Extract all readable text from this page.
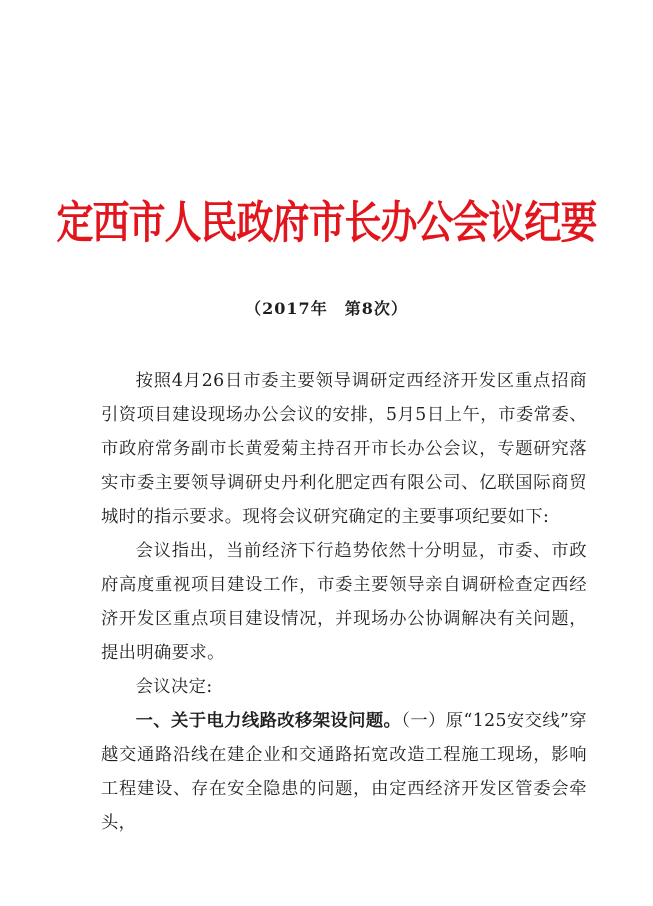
定西市人民政府市长办公会议纪要
（2017年　第8次）

按照4月26日市委主要领导调研定西经济开发区重点招商引资项目建设现场办公会议的安排，5月5日上午，市委常委、市政府常务副市长黄爱菊主持召开市长办公会议，专题研究落实市委主要领导调研史丹利化肥定西有限公司、亿联国际商贸城时的指示要求。现将会议研究确定的主要事项纪要如下:

会议指出，当前经济下行趋势依然十分明显，市委、市政府高度重视项目建设工作，市委主要领导亲自调研检查定西经济开发区重点项目建设情况，并现场办公协调解决有关问题，提出明确要求。

会议决定:

一、关于电力线路改移架设问题。（一）原“125安交线”穿越交通路沿线在建企业和交通路拓宽改造工程施工现场，影响工程建设、存在安全隐患的问题，由定西经济开发区管委会牵头，
